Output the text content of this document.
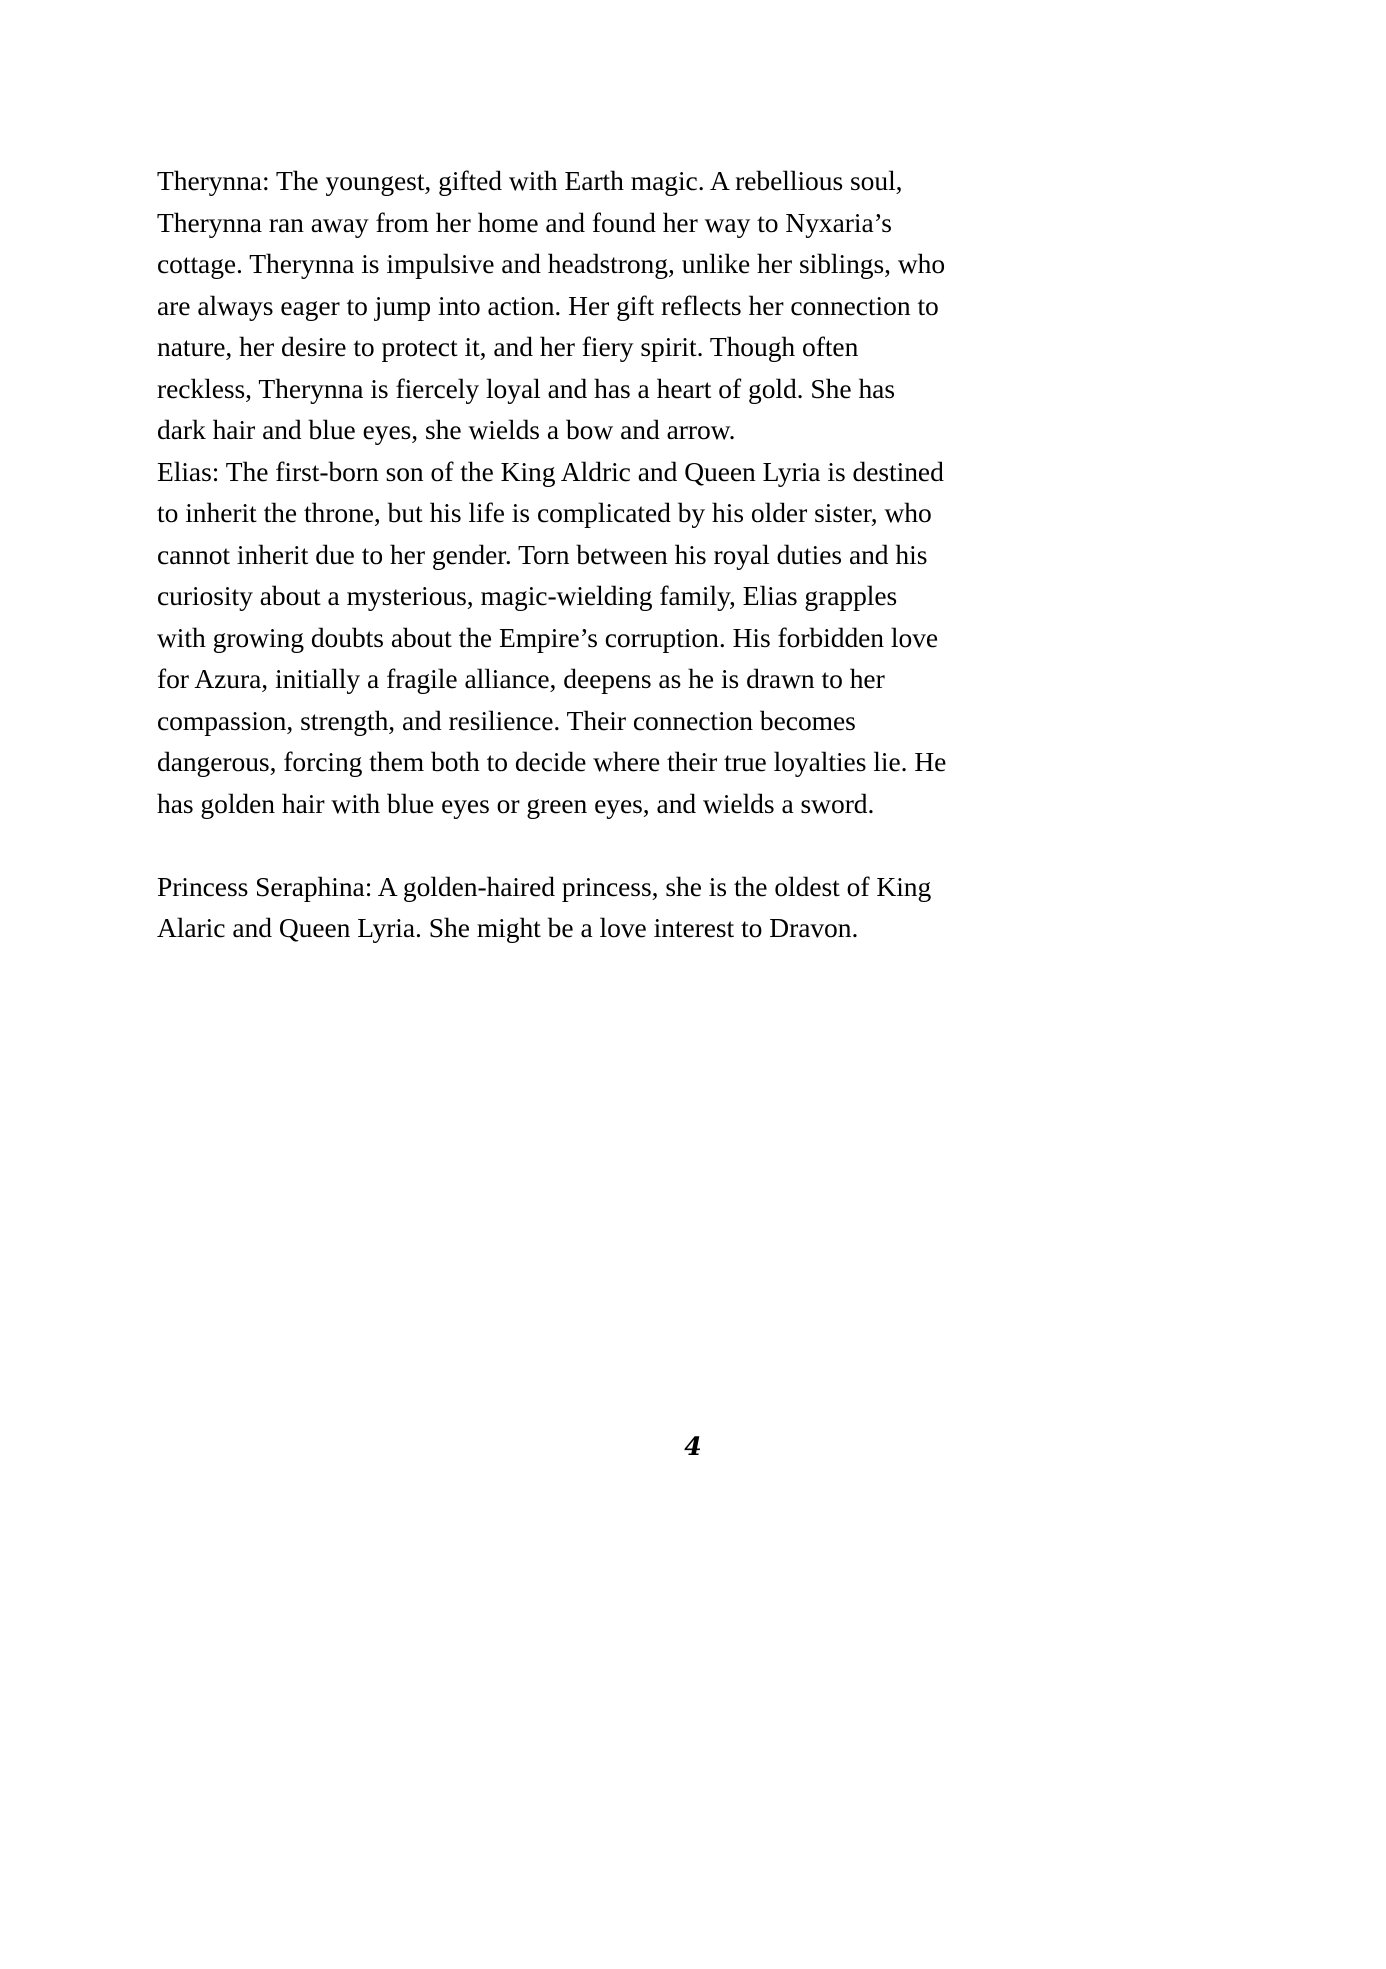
Therynna: The youngest, gifted with Earth magic. A rebellious soul, Therynna ran away from her home and found her way to Nyxaria’s cottage. Therynna is impulsive and headstrong, unlike her siblings, who are always eager to jump into action. Her gift reflects her connection to nature, her desire to protect it, and her fiery spirit. Though often reckless, Therynna is fiercely loyal and has a heart of gold. She has dark hair and blue eyes, she wields a bow and arrow.

Elias: The first-born son of the King Aldric and Queen Lyria is destined to inherit the throne, but his life is complicated by his older sister, who cannot inherit due to her gender. Torn between his royal duties and his curiosity about a mysterious, magic-wielding family, Elias grapples with growing doubts about the Empire’s corruption. His forbidden love for Azura, initially a fragile alliance, deepens as he is drawn to her compassion, strength, and resilience. Their connection becomes dangerous, forcing them both to decide where their true loyalties lie. He has golden hair with blue eyes or green eyes, and wields a sword.

Princess Seraphina: A golden-haired princess, she is the oldest of King Alaric and Queen Lyria. She might be a love interest to Dravon.

4
